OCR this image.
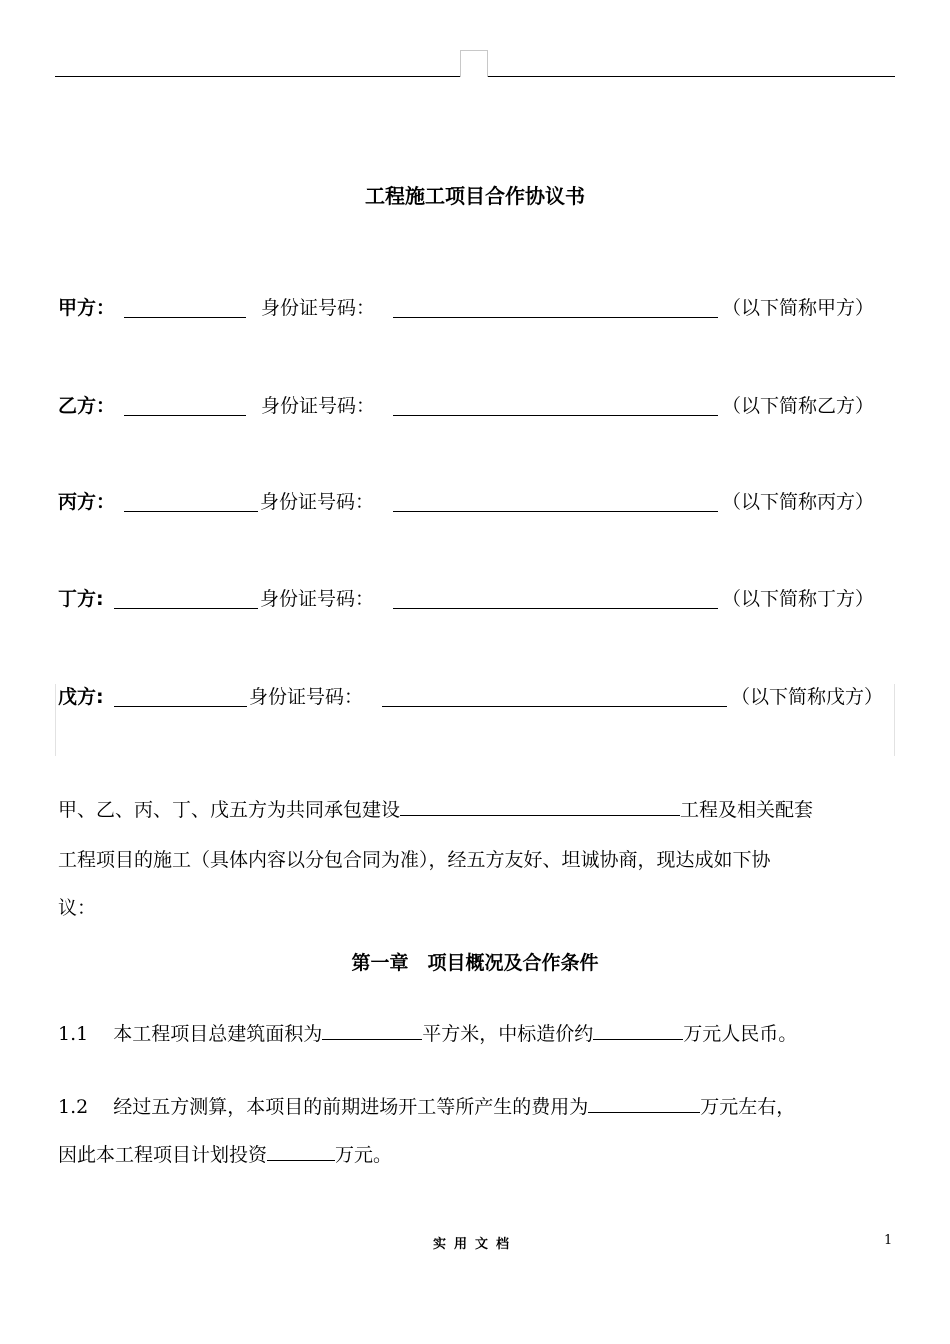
工程施工项目合作协议书
甲方：	身份证号码：	（以下简称甲方）
乙方：	身份证号码：	（以下简称乙方）
丙方：	身份证号码：	（以下简称丙方）
丁方:	身份证号码：	（以下简称丁方）
戊方:	身份证号码：	（以下简称戊方）
甲、乙、丙、丁、戊五方为共同承包建设	工程及相关配套
工程项目的施工（具体内容以分包合同为准），经五方友好、坦诚协商，现达成如下协
议：
第一章　项目概况及合作条件
1.1 本工程项目总建筑面积为	平方米，中标造价约	万元人民币。
1.2 经过五方测算，本项目的前期进场开工等所产生的费用为	万元左右，
因此本工程项目计划投资	万元。
实用文档	1
